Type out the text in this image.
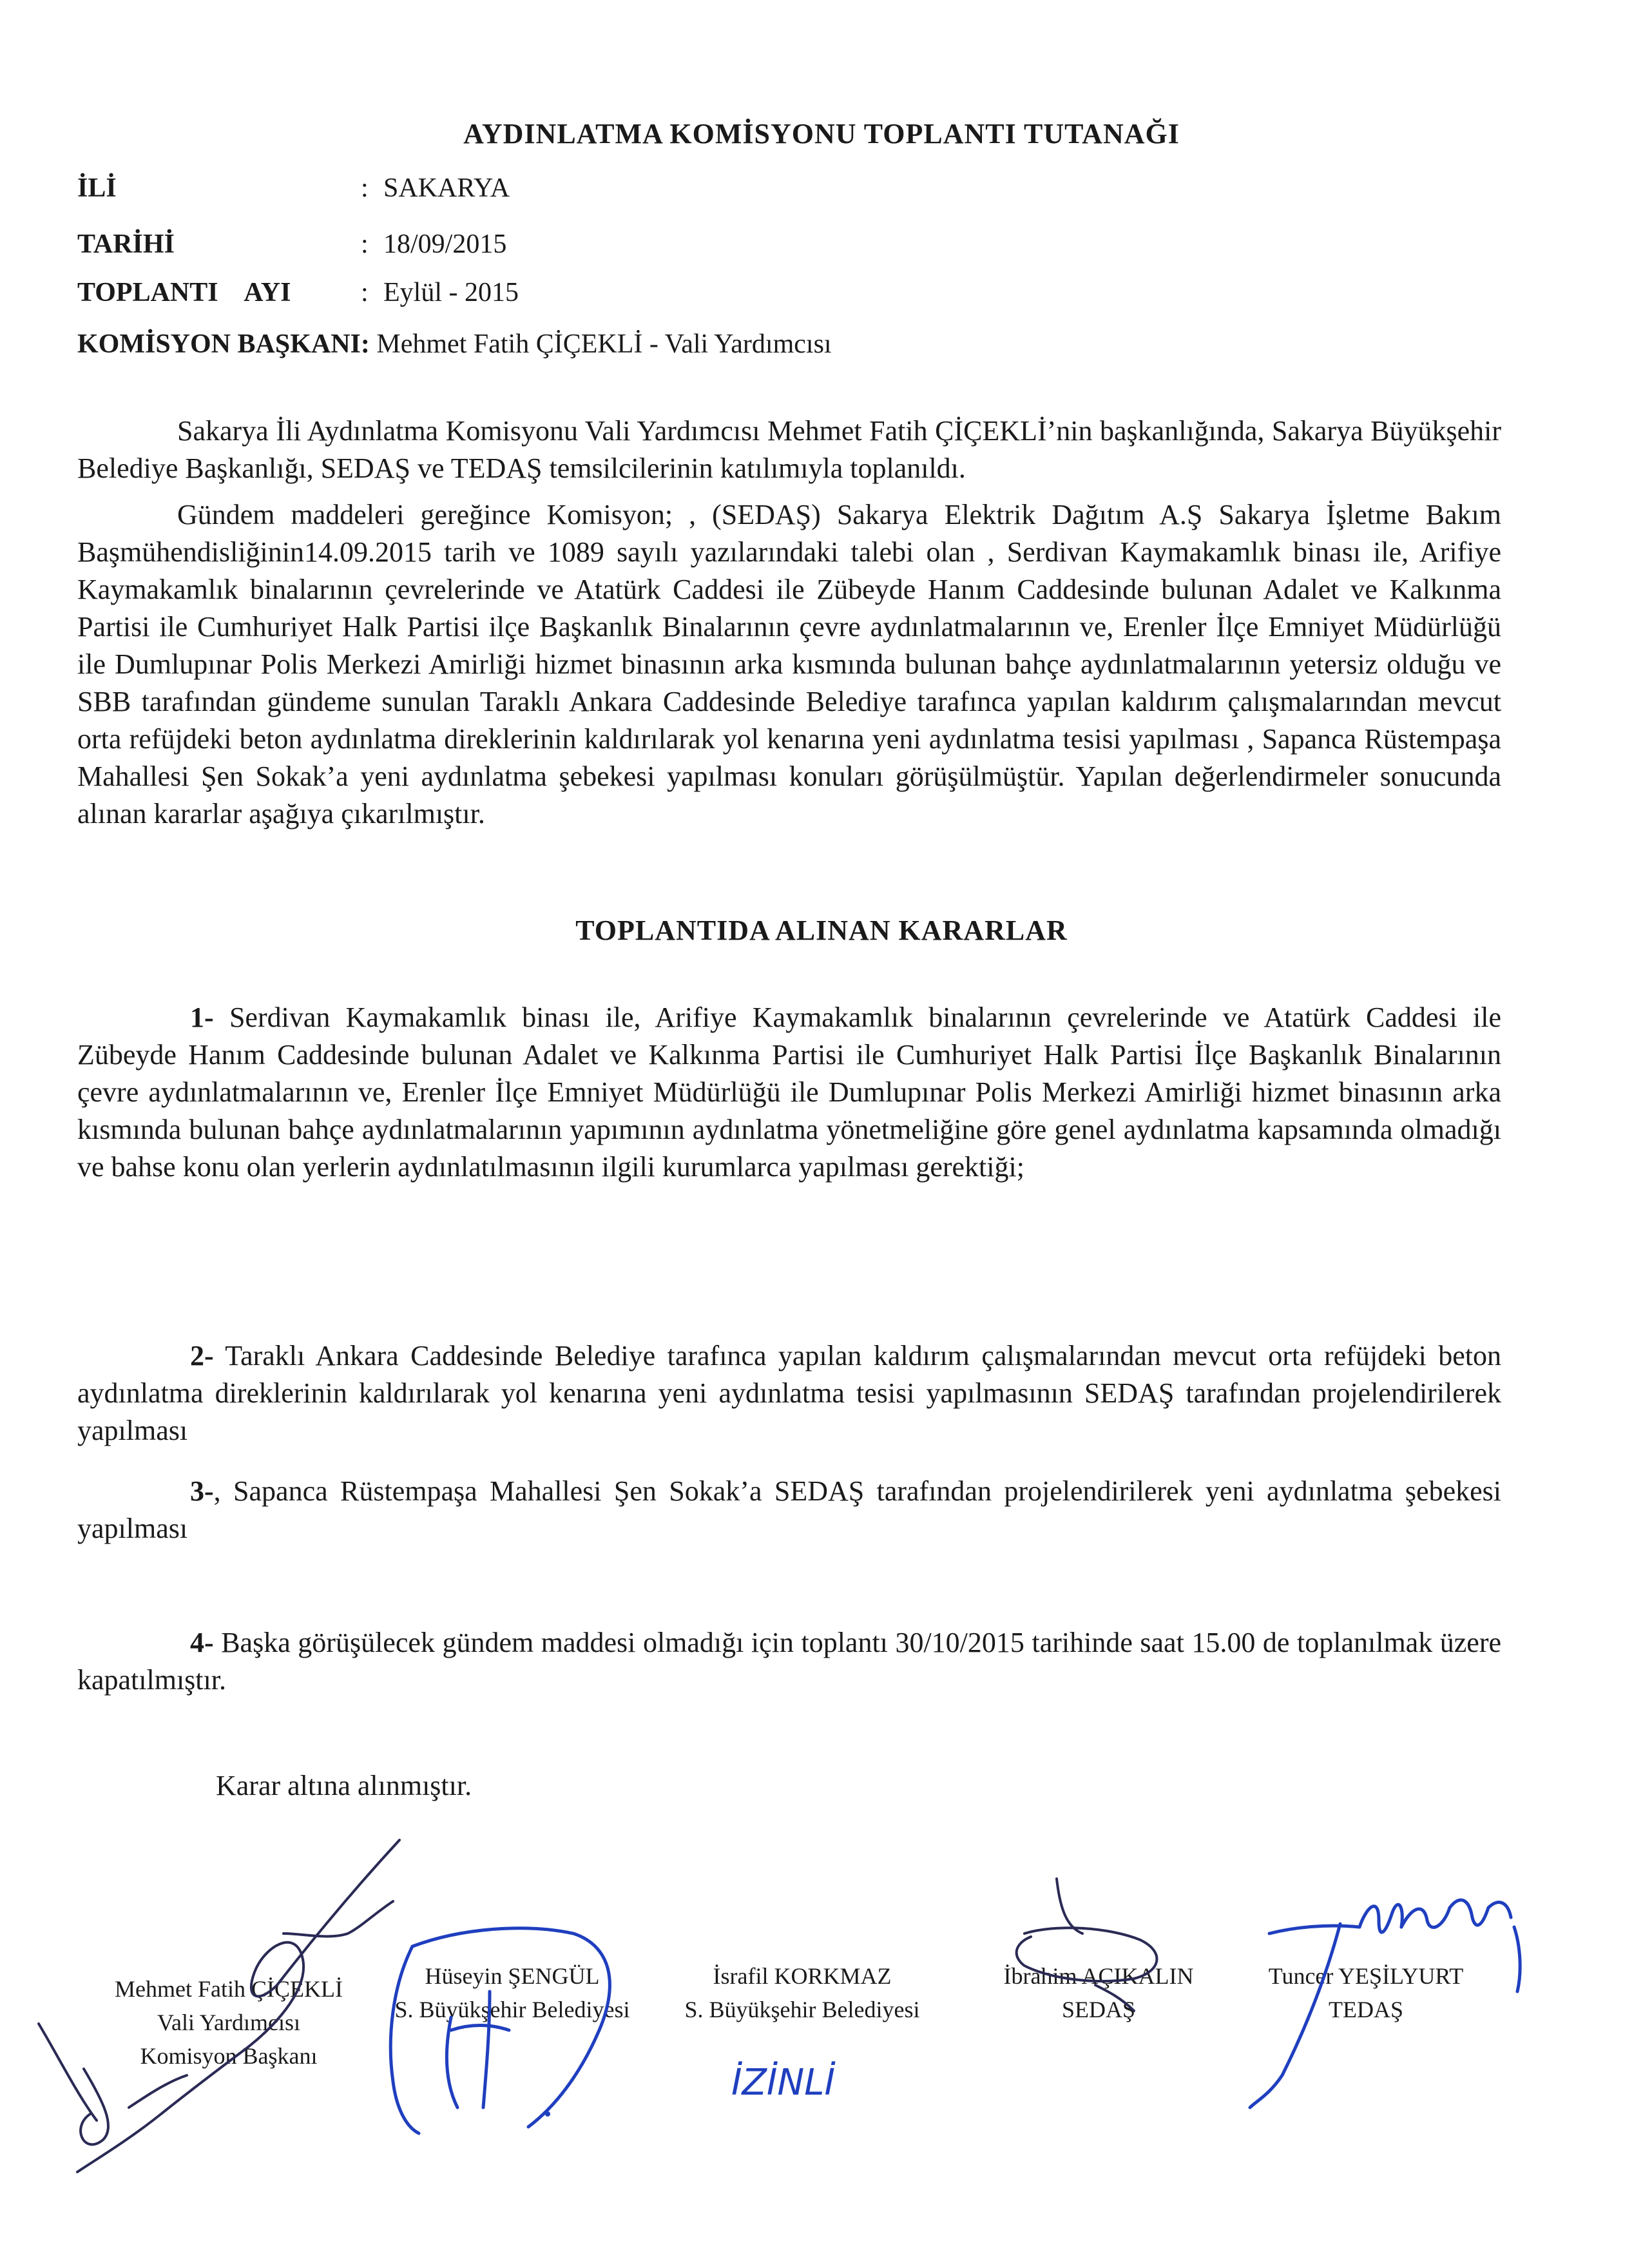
AYDINLATMA KOMİSYONU TOPLANTI TUTANAĞI
İLİ	: SAKARYA
TARİHİ	: 18/09/2015
TOPLANTI    AYI	: Eylül - 2015
KOMİSYON BAŞKANI: Mehmet Fatih ÇİÇEKLİ - Vali Yardımcısı

Sakarya İli Aydınlatma Komisyonu Vali Yardımcısı Mehmet Fatih ÇİÇEKLİ’nin başkanlığında, Sakarya Büyükşehir Belediye Başkanlığı, SEDAŞ ve TEDAŞ temsilcilerinin katılımıyla toplanıldı.

Gündem maddeleri gereğince Komisyon; , (SEDAŞ) Sakarya Elektrik Dağıtım A.Ş Sakarya İşletme Bakım Başmühendisliğinin14.09.2015 tarih ve 1089 sayılı yazılarındaki talebi olan , Serdivan Kaymakamlık binası ile, Arifiye Kaymakamlık binalarının çevrelerinde ve Atatürk Caddesi ile Zübeyde Hanım Caddesinde bulunan Adalet ve Kalkınma Partisi ile Cumhuriyet Halk Partisi ilçe Başkanlık Binalarının çevre aydınlatmalarının ve, Erenler İlçe Emniyet Müdürlüğü ile Dumlupınar Polis Merkezi Amirliği hizmet binasının arka kısmında bulunan bahçe aydınlatmalarının yetersiz olduğu ve SBB tarafından gündeme sunulan Taraklı Ankara Caddesinde Belediye tarafınca yapılan kaldırım çalışmalarından mevcut orta refüjdeki beton aydınlatma direklerinin kaldırılarak yol kenarına yeni aydınlatma tesisi yapılması , Sapanca Rüstempaşa Mahallesi Şen Sokak’a yeni aydınlatma şebekesi yapılması konuları görüşülmüştür. Yapılan değerlendirmeler sonucunda alınan kararlar aşağıya çıkarılmıştır.

TOPLANTIDA ALINAN KARARLAR

1- Serdivan Kaymakamlık binası ile, Arifiye Kaymakamlık binalarının çevrelerinde ve Atatürk Caddesi ile Zübeyde Hanım Caddesinde bulunan Adalet ve Kalkınma Partisi ile Cumhuriyet Halk Partisi İlçe Başkanlık Binalarının çevre aydınlatmalarının ve, Erenler İlçe Emniyet Müdürlüğü ile Dumlupınar Polis Merkezi Amirliği hizmet binasının arka kısmında bulunan bahçe aydınlatmalarının yapımının aydınlatma yönetmeliğine göre genel aydınlatma kapsamında olmadığı ve bahse konu olan yerlerin aydınlatılmasının ilgili kurumlarca yapılması gerektiği;

2- Taraklı Ankara Caddesinde Belediye tarafınca yapılan kaldırım çalışmalarından mevcut orta refüjdeki beton aydınlatma direklerinin kaldırılarak yol kenarına yeni aydınlatma tesisi yapılmasının SEDAŞ tarafından projelendirilerek yapılması

3-, Sapanca Rüstempaşa Mahallesi Şen Sokak’a SEDAŞ tarafından projelendirilerek yeni aydınlatma şebekesi yapılması

4- Başka görüşülecek gündem maddesi olmadığı için toplantı 30/10/2015 tarihinde saat 15.00 de toplanılmak üzere kapatılmıştır.

Karar altına alınmıştır.
Mehmet Fatih ÇİÇEKLİ
Vali Yardımcısı
Komisyon Başkanı
Hüseyin ŞENGÜL
S. Büyükşehir Belediyesi
İsrafil KORKMAZ
S. Büyükşehir Belediyesi
İbrahim AÇIKALIN
SEDAŞ
Tuncer YEŞİLYURT
TEDAŞ
İZİNLİ
